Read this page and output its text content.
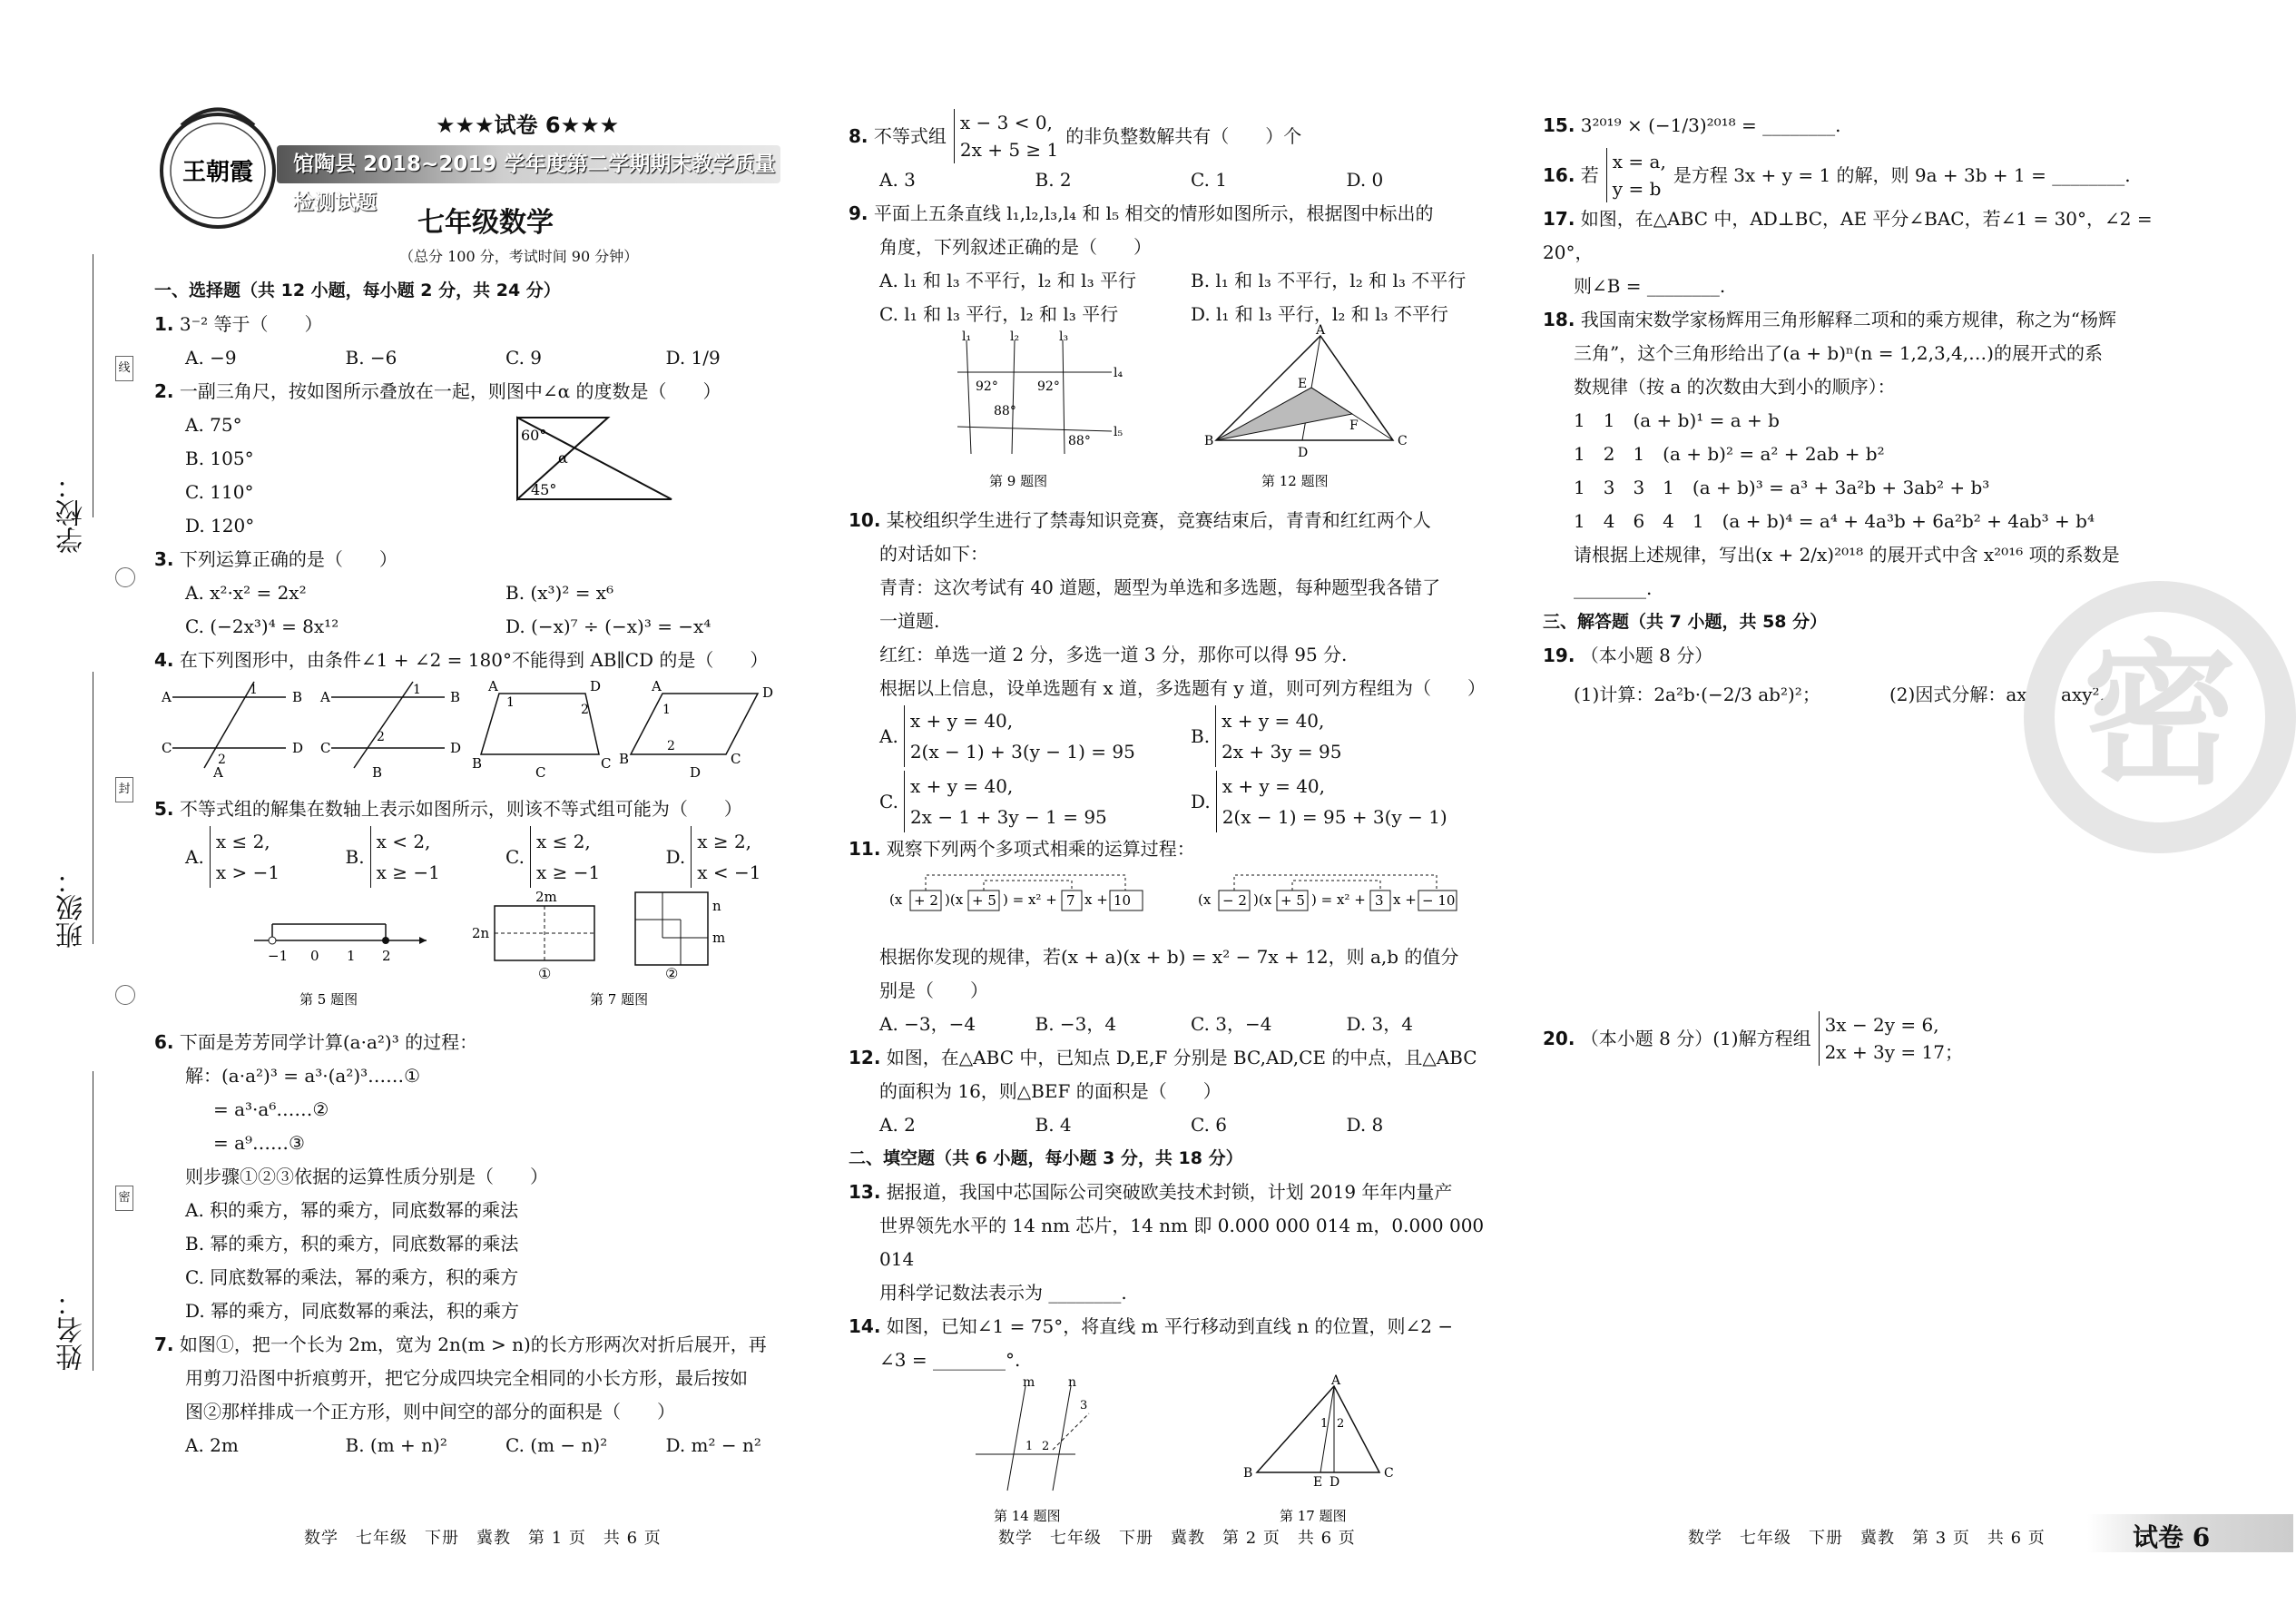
学校：
班级：
姓名：
线
封
密
王朝霞
★★★试卷 6★★★
馆陶县 2018~2019 学年度第二学期期末教学质量检测试题
七年级数学
（总分 100 分，考试时间 90 分钟）
一、选择题（共 12 小题，每小题 2 分，共 24 分）
1. 3⁻² 等于（　　）
A. −9	B. −6	C. 9	D. 1/9
2. 一副三角尺，按如图所示叠放在一起，则图中∠α 的度数是（　　）
A. 75°
B. 105°
C. 110°
D. 120°
60°
α
45°
3. 下列运算正确的是（　　）
A. x²·x² = 2x²	B. (x³)² = x⁶
C. (−2x³)⁴ = 8x¹²	D. (−x)⁷ ÷ (−x)³ = −x⁴
4. 在下列图形中，由条件∠1 + ∠2 = 180°不能得到 AB∥CD 的是（　　）
A	B
C	D
1
2
A
A	B
C	D
1
2
B
A	D
B	C
1	2
C
A	D
B	C
1
2
D
5. 不等式组的解集在数轴上表示如图所示，则该不等式组可能为（　　）
A.
x ≤ 2,
x > −1
B.
x < 2,
x ≥ −1
C.
x ≤ 2,
x ≥ −1
D.
x ≥ 2,
x < −1
−1 0 1 2
第 5 题图
2m
2n
①
n
m
②
第 7 题图
6. 下面是芳芳同学计算(a·a²)³ 的过程：
解：(a·a²)³ = a³·(a²)³……①
= a³·a⁶……②
= a⁹……③
则步骤①②③依据的运算性质分别是（　　）
A. 积的乘方，幂的乘方，同底数幂的乘法
B. 幂的乘方，积的乘方，同底数幂的乘法
C. 同底数幂的乘法，幂的乘方，积的乘方
D. 幂的乘方，同底数幂的乘法，积的乘方
7. 如图①，把一个长为 2m，宽为 2n(m > n)的长方形两次对折后展开，再
用剪刀沿图中折痕剪开，把它分成四块完全相同的小长方形，最后按如
图②那样排成一个正方形，则中间空的部分的面积是（　　）
A. 2m	B. (m + n)²	C. (m − n)²	D. m² − n²
8.
不等式组
x − 3 < 0,
2x + 5 ≥ 1
的非负整数解共有（　　）个
A. 3	B. 2	C. 1	D. 0
9. 平面上五条直线 l₁,l₂,l₃,l₄ 和 l₅ 相交的情形如图所示，根据图中标出的
角度，下列叙述正确的是（　　）
A. l₁ 和 l₃ 不平行，l₂ 和 l₃ 平行	B. l₁ 和 l₃ 不平行，l₂ 和 l₃ 不平行
C. l₁ 和 l₃ 平行，l₂ 和 l₃ 平行	D. l₁ 和 l₃ 平行，l₂ 和 l₃ 不平行
l₁	l₂	l₃
l₄
l₅
92°	92°
88°
88°
第 9 题图
A
B	C
D
E
F
第 12 题图
10. 某校组织学生进行了禁毒知识竞赛，竞赛结束后，青青和红红两个人
的对话如下：
青青：这次考试有 40 道题，题型为单选和多选题，每种题型我各错了
一道题.
红红：单选一道 2 分，多选一道 3 分，那你可以得 95 分.
根据以上信息，设单选题有 x 道，多选题有 y 道，则可列方程组为（　　）
A.
x + y = 40,
2(x − 1) + 3(y − 1) = 95
B.
x + y = 40,
2x + 3y = 95
C.
x + y = 40,
2x − 1 + 3y − 1 = 95
D.
x + y = 40,
2(x − 1) = 95 + 3(y − 1)
11. 观察下列两个多项式相乘的运算过程：
(x + 2 )(x + 5 ) = x² + 7 x + 10	(x − 2 )(x + 5 ) = x² + 3 x + − 10
根据你发现的规律，若(x + a)(x + b) = x² − 7x + 12，则 a,b 的值分
别是（　　）
A. −3，−4	B. −3，4	C. 3，−4	D. 3，4
12. 如图，在△ABC 中，已知点 D,E,F 分别是 BC,AD,CE 的中点，且△ABC
的面积为 16，则△BEF 的面积是（　　）
A. 2	B. 4	C. 6	D. 8
二、填空题（共 6 小题，每小题 3 分，共 18 分）
13. 据报道，我国中芯国际公司突破欧美技术封锁，计划 2019 年年内量产
世界领先水平的 14 nm 芯片，14 nm 即 0.000 000 014 m，0.000 000 014
用科学记数法表示为 ________.
14. 如图，已知∠1 = 75°，将直线 m 平行移动到直线 n 的位置，则∠2 −
∠3 = ________°.
m	n
1 2
3
第 14 题图
A
B	C
E D
1 2
第 17 题图
15. 3²⁰¹⁹ × (−1/3)²⁰¹⁸ = ________.
16.
若
x = a,
y = b
是方程 3x + y = 1 的解，则 9a + 3b + 1 = ________.
17. 如图，在△ABC 中，AD⊥BC，AE 平分∠BAC，若∠1 = 30°，∠2 = 20°，
则∠B = ________.
18. 我国南宋数学家杨辉用三角形解释二项和的乘方规律，称之为“杨辉
三角”，这个三角形给出了(a + b)ⁿ(n = 1,2,3,4,…)的展开式的系
数规律（按 a 的次数由大到小的顺序）：
1　1　(a + b)¹ = a + b
1　2　1　(a + b)² = a² + 2ab + b²
1　3　3　1　(a + b)³ = a³ + 3a²b + 3ab² + b³
1　4　6　4　1　(a + b)⁴ = a⁴ + 4a³b + 6a²b² + 4ab³ + b⁴
请根据上述规律，写出(x + 2/x)²⁰¹⁸ 的展开式中含 x²⁰¹⁶ 项的系数是
________.
三、解答题（共 7 小题，共 58 分）
19. （本小题 8 分）
(1)计算：2a²b·(−2/3 ab²)²；	(2)因式分解：ax³ − axy².
20.
（本小题 8 分）(1)解方程组
3x − 2y = 6,
2x + 3y = 17；
密
数学　七年级　下册　冀教　第 1 页　共 6 页	数学　七年级　下册　冀教　第 2 页　共 6 页	数学　七年级　下册　冀教　第 3 页　共 6 页	试卷 6
